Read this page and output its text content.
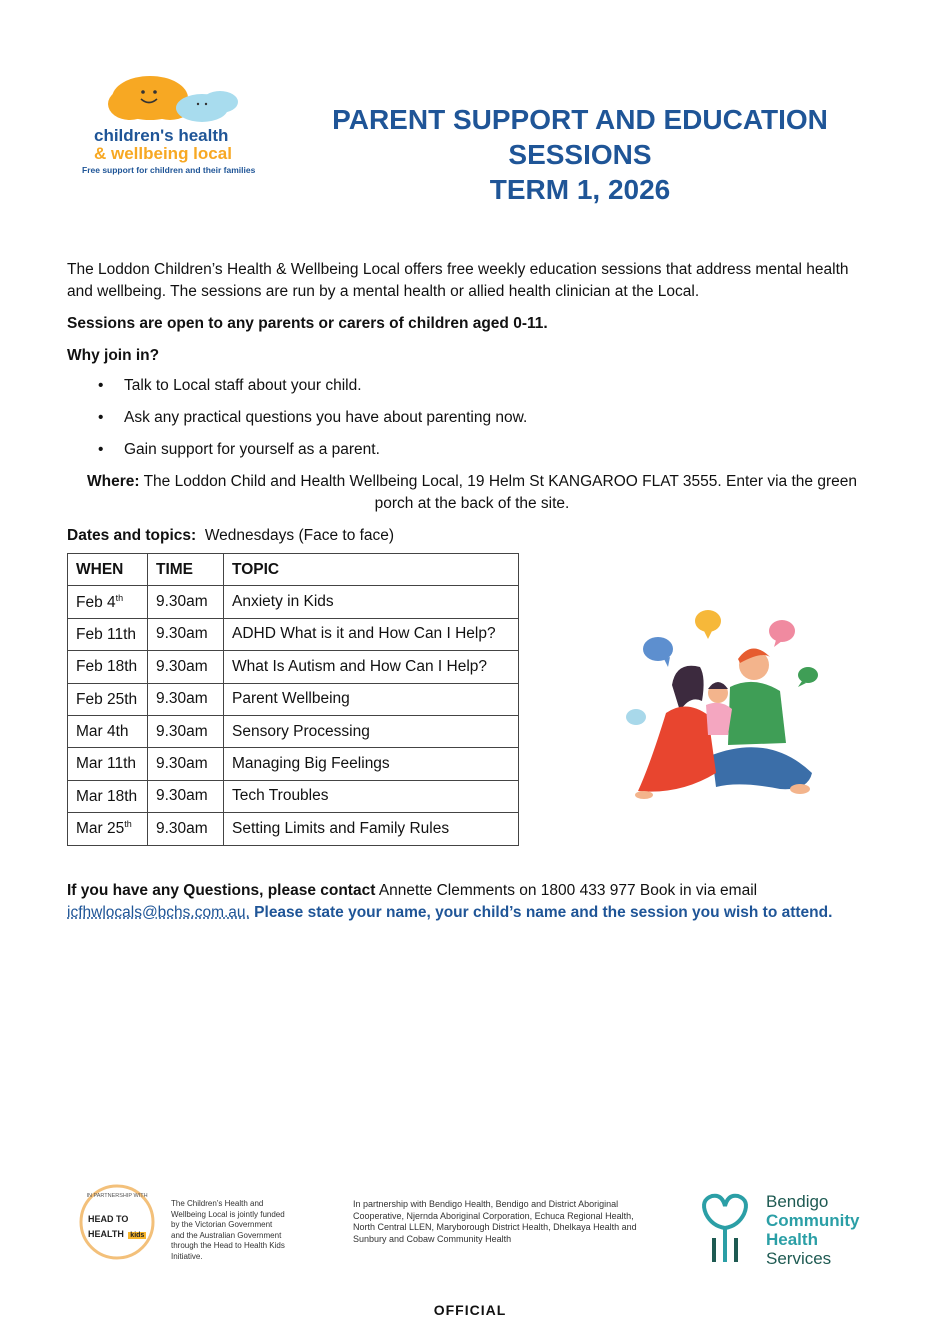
children's health
& wellbeing local
Free support for children and their families
PARENT SUPPORT AND EDUCATION
SESSIONS
TERM 1, 2026
The Loddon Children’s Health & Wellbeing Local offers free weekly education sessions that address mental health and wellbeing. The sessions are run by a mental health or allied health clinician at the Local.
Sessions are open to any parents or carers of children aged 0-11.
Why join in?
• Talk to Local staff about your child.
• Ask any practical questions you have about parenting now.
• Gain support for yourself as a parent.
Where: The Loddon Child and Health Wellbeing Local, 19 Helm St KANGAROO FLAT 3555. Enter via the green porch at the back of the site.
Dates and topics: Wednesdays (Face to face)
WHEN	TIME	TOPIC
Feb 4th	9.30am	Anxiety in Kids
Feb 11th	9.30am	ADHD What is it and How Can I Help?
Feb 18th	9.30am	What Is Autism and How Can I Help?
Feb 25th	9.30am	Parent Wellbeing
Mar 4th	9.30am	Sensory Processing
Mar 11th	9.30am	Managing Big Feelings
Mar 18th	9.30am	Tech Troubles
Mar 25th	9.30am	Setting Limits and Family Rules
If you have any Questions, please contact Annette Clemments on 1800 433 977 Book in via email
icfhwlocals@bchs.com.au. Please state your name, your child’s name and the session you wish to attend.
IN PARTNERSHIP WITH
HEAD TO
HEALTH kids
The Children’s Health and Wellbeing Local is jointly funded by the Victorian Government and the Australian Government through the Head to Health Kids Initiative.
In partnership with Bendigo Health, Bendigo and District Aboriginal Cooperative, Njernda Aboriginal Corporation, Echuca Regional Health, North Central LLEN, Maryborough District Health, Dhelkaya Health and Sunbury and Cobaw Community Health
Bendigo
Community
Health
Services
OFFICIAL
